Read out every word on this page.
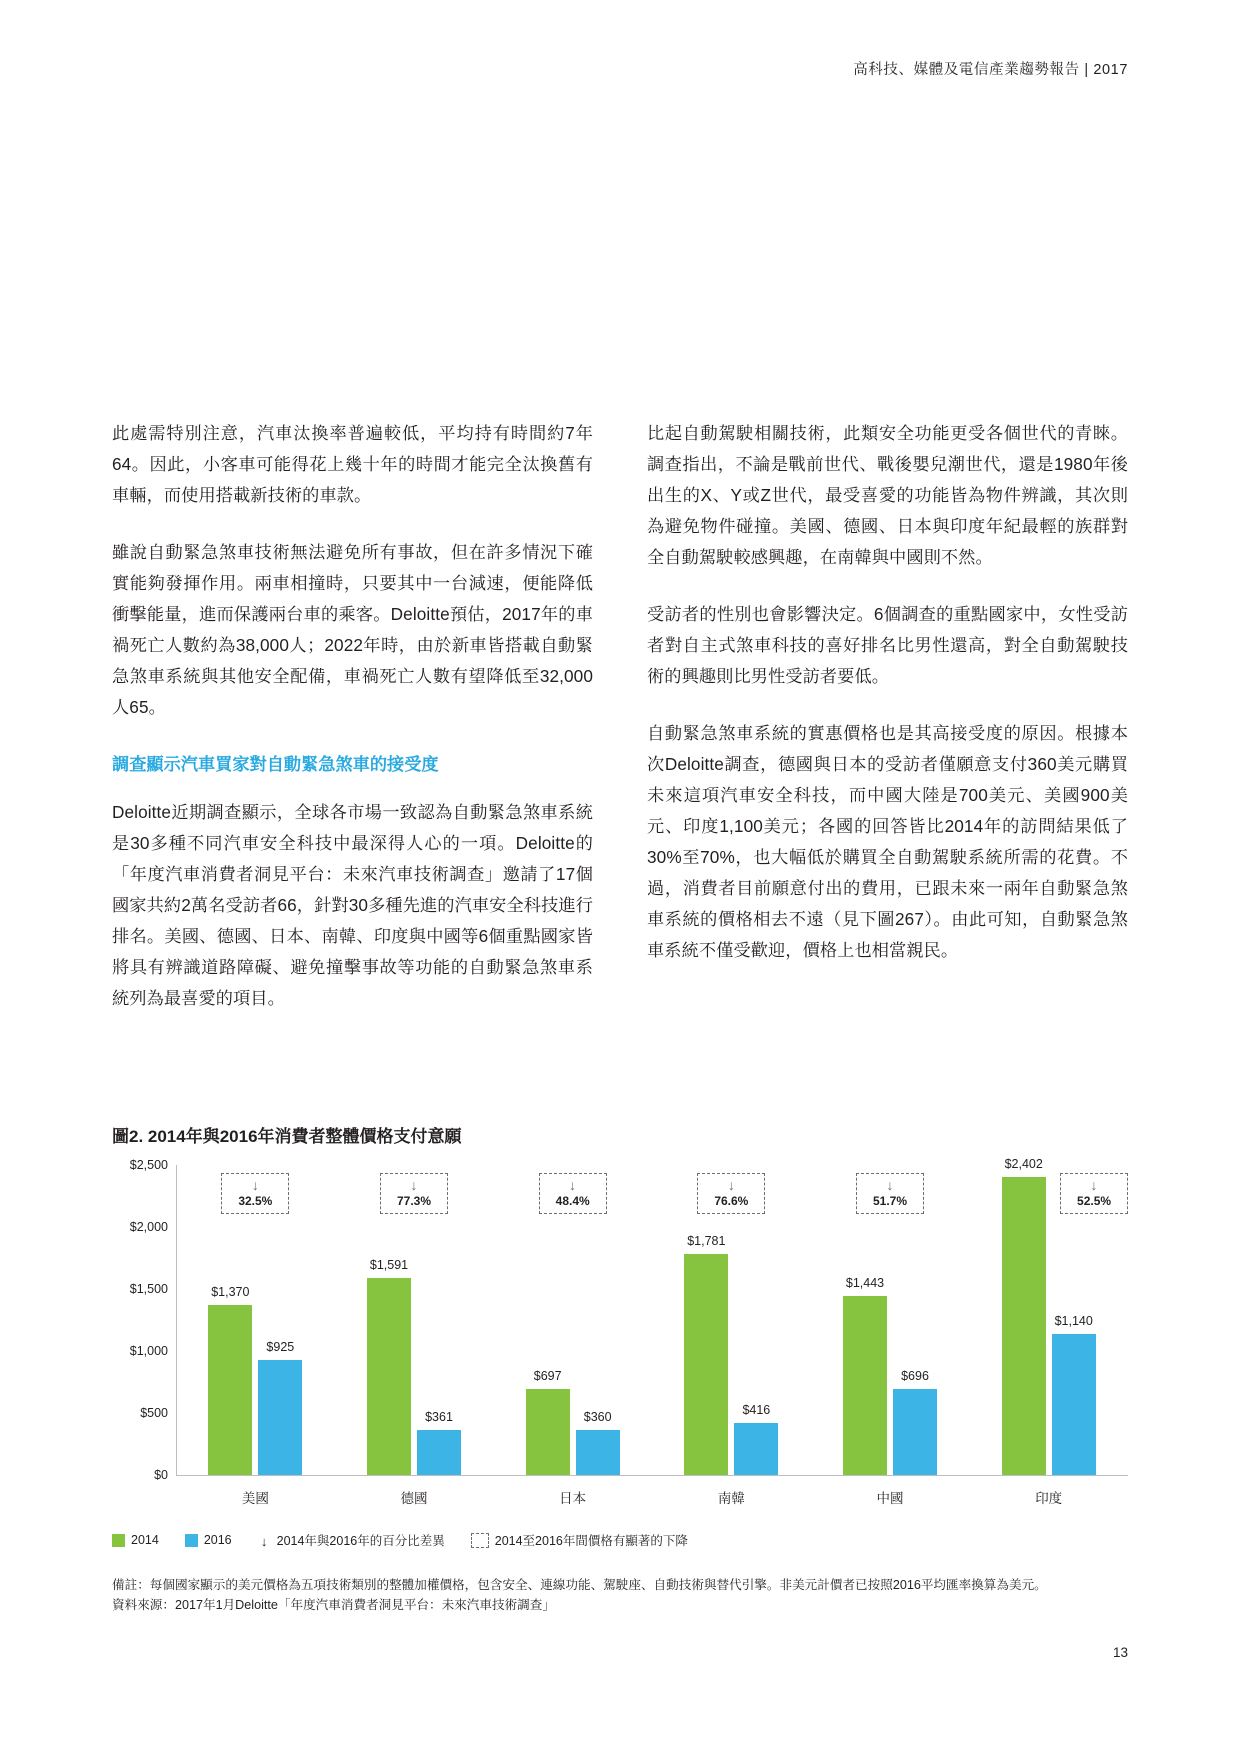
高科技、媒體及電信產業趨勢報告 | 2017

此處需特別注意，汽車汰換率普遍較低，平均持有時間約7年64。因此，小客車可能得花上幾十年的時間才能完全汰換舊有車輛，而使用搭載新技術的車款。

雖說自動緊急煞車技術無法避免所有事故，但在許多情況下確實能夠發揮作用。兩車相撞時，只要其中一台減速，便能降低衝擊能量，進而保護兩台車的乘客。Deloitte預估，2017年的車禍死亡人數約為38,000人；2022年時，由於新車皆搭載自動緊急煞車系統與其他安全配備，車禍死亡人數有望降低至32,000人65。

調查顯示汽車買家對自動緊急煞車的接受度

Deloitte近期調查顯示，全球各市場一致認為自動緊急煞車系統是30多種不同汽車安全科技中最深得人心的一項。Deloitte的「年度汽車消費者洞見平台：未來汽車技術調查」邀請了17個國家共約2萬名受訪者66，針對30多種先進的汽車安全科技進行排名。美國、德國、日本、南韓、印度與中國等6個重點國家皆將具有辨識道路障礙、避免撞擊事故等功能的自動緊急煞車系統列為最喜愛的項目。

比起自動駕駛相關技術，此類安全功能更受各個世代的青睞。調查指出，不論是戰前世代、戰後嬰兒潮世代，還是1980年後出生的X、Y或Z世代，最受喜愛的功能皆為物件辨識，其次則為避免物件碰撞。美國、德國、日本與印度年紀最輕的族群對全自動駕駛較感興趣，在南韓與中國則不然。

受訪者的性別也會影響決定。6個調查的重點國家中，女性受訪者對自主式煞車科技的喜好排名比男性還高，對全自動駕駛技術的興趣則比男性受訪者要低。

自動緊急煞車系統的實惠價格也是其高接受度的原因。根據本次Deloitte調查，德國與日本的受訪者僅願意支付360美元購買未來這項汽車安全科技，而中國大陸是700美元、美國900美元、印度1,100美元；各國的回答皆比2014年的訪問結果低了30%至70%，也大幅低於購買全自動駕駛系統所需的花費。不過，消費者目前願意付出的費用，已跟未來一兩年自動緊急煞車系統的價格相去不遠（見下圖267）。由此可知，自動緊急煞車系統不僅受歡迎，價格上也相當親民。

圖2. 2014年與2016年消費者整體價格支付意願
$0
$500
$1,000
$1,500
$2,000
$2,500
$1,370
$925
↓
32.5%
$1,591
$361
↓
77.3%
$697
$360
↓
48.4%
$1,781
$416
↓
76.6%
$1,443
$696
↓
51.7%
$2,402
$1,140
↓
52.5%
美國	德國	日本	南韓	中國	印度
2014	2016 ↓ 2014年與2016年的百分比差異	2014至2016年間價格有顯著的下降
備註：每個國家顯示的美元價格為五項技術類別的整體加權價格，包含安全、連線功能、駕駛座、自動技術與替代引擎。非美元計價者已按照2016平均匯率換算為美元。
資料來源：2017年1月Deloitte「年度汽車消費者洞見平台：未來汽車技術調查」
13
